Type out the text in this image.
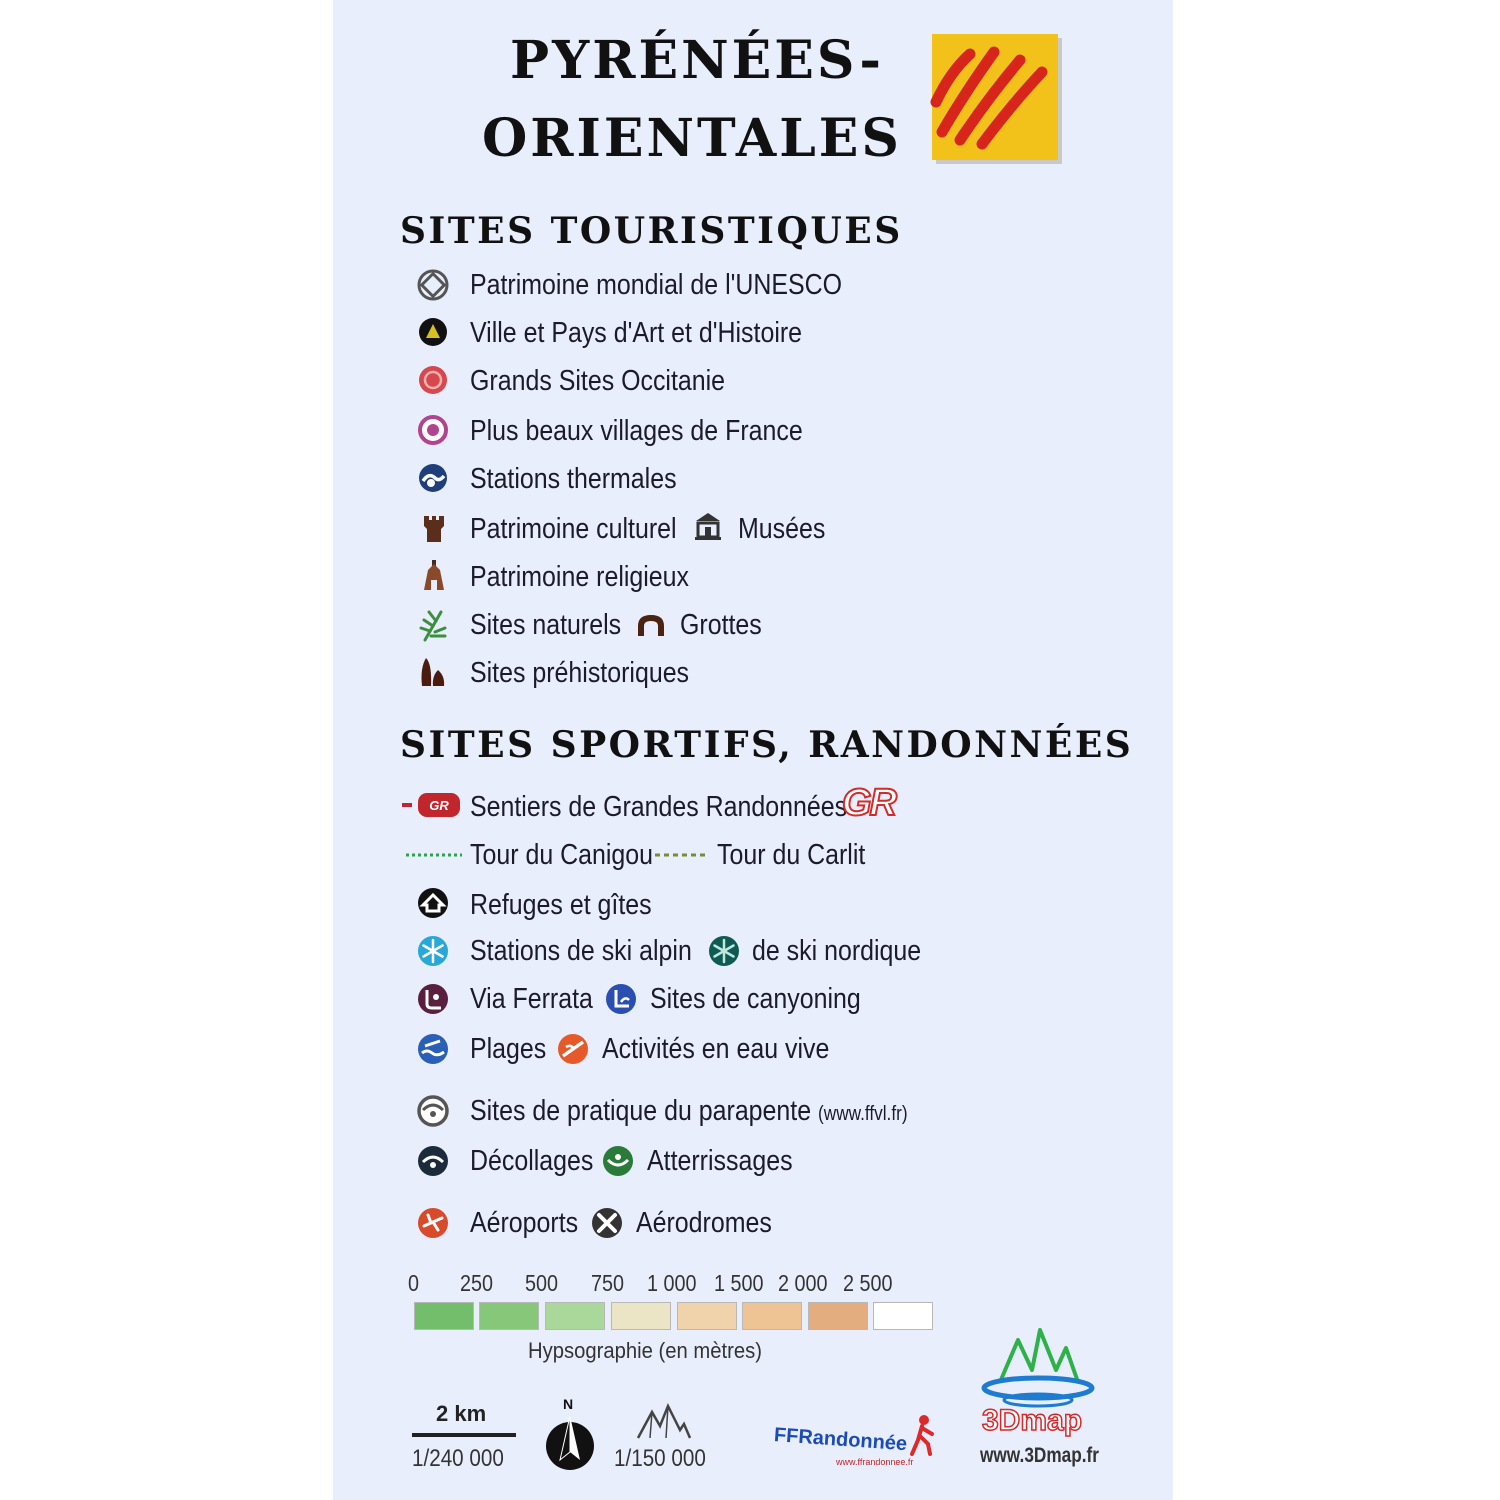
PYRÉNÉES-
ORIENTALES
SITES TOURISTIQUES
Patrimoine mondial de l'UNESCO
Ville et Pays d'Art et d'Histoire
Grands Sites Occitanie
Plus beaux villages de France
Stations thermales
Patrimoine culturel Musées
Patrimoine religieux
Sites naturels Grottes
Sites préhistoriques
SITES SPORTIFS, RANDONNÉES
GR Sentiers de Grandes Randonnées
GR
Tour du Canigou Tour du Carlit
Refuges et gîtes
Stations de ski alpin de ski nordique
Via Ferrata Sites de canyoning
Plages Activités en eau vive
Sites de pratique du parapente (www.ffvl.fr)
Décollages Atterrissages
Aéroports Aérodromes
0 250 500 750 1 000 1 500 2 000 2 500
Hypsographie (en mètres)
2 km
1/240 000
N
1/150 000
FFRandonnée
www.ffrandonnee.fr
3Dmap
www.3Dmap.fr
